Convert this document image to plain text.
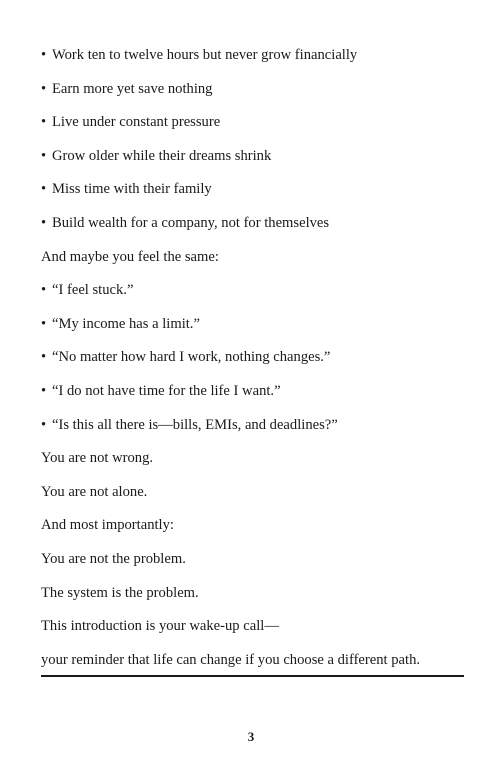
• Work ten to twelve hours but never grow financially
• Earn more yet save nothing
• Live under constant pressure
• Grow older while their dreams shrink
• Miss time with their family
• Build wealth for a company, not for themselves
And maybe you feel the same:
• “I feel stuck.”
• “My income has a limit.”
• “No matter how hard I work, nothing changes.”
• “I do not have time for the life I want.”
• “Is this all there is—bills, EMIs, and deadlines?”
You are not wrong.
You are not alone.
And most importantly:
You are not the problem.
The system is the problem.
This introduction is your wake-up call—
your reminder that life can change if you choose a different path.
3
